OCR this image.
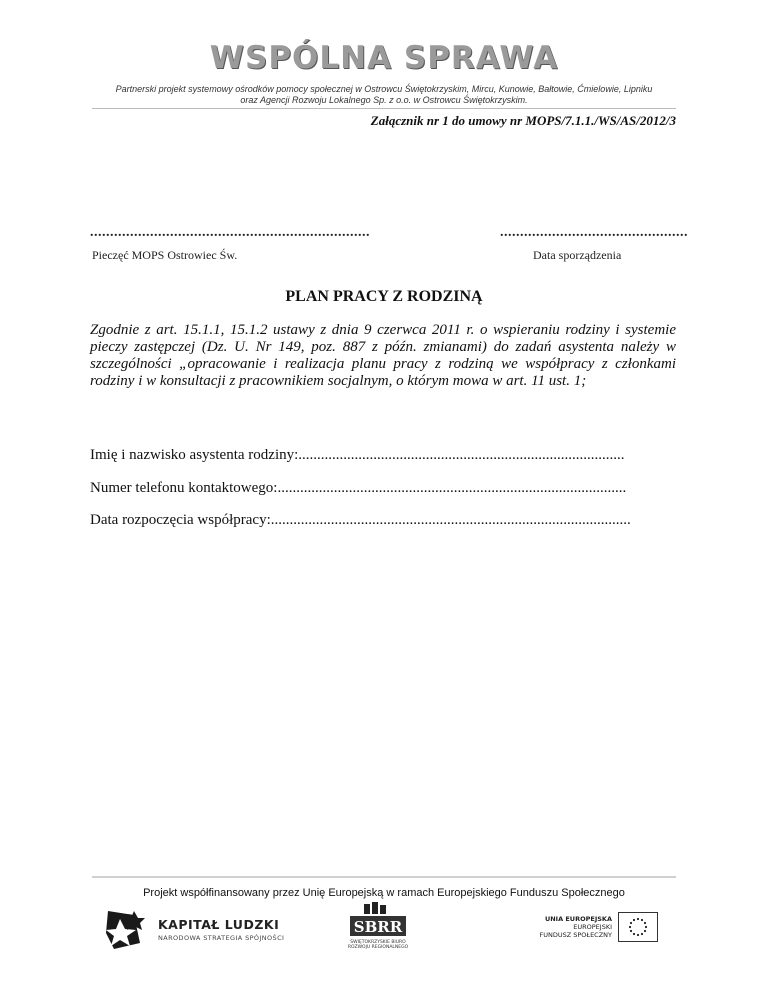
WSPÓLNA SPRAWA
Partnerski projekt systemowy ośrodków pomocy społecznej w Ostrowcu Świętokrzyskim, Mircu, Kunowie, Bałtowie, Ćmielowie, Lipniku
oraz Agencji Rozwoju Lokalnego Sp. z o.o. w Ostrowcu Świętokrzyskim.
Załącznik nr 1 do umowy nr MOPS/7.1.1./WS/AS/2012/3
......................................................................	...............................................
Pieczęć MOPS Ostrowiec Św.	Data sporządzenia
PLAN PRACY Z RODZINĄ
Zgodnie z art. 15.1.1, 15.1.2 ustawy z dnia 9 czerwca 2011 r. o wspieraniu rodziny i systemie pieczy zastępczej (Dz. U. Nr 149, poz. 887 z późn. zmianami) do zadań asystenta należy w szczególności „opracowanie i realizacja planu pracy z rodziną we współpracy z członkami rodziny i w konsultacji z pracownikiem socjalnym, o którym mowa w art. 11 ust. 1;
Imię i nazwisko asystenta rodziny:.......................................................................................
Numer telefonu kontaktowego:.............................................................................................
Data rozpoczęcia współpracy:................................................................................................
Projekt współfinansowany przez Unię Europejską w ramach Europejskiego Funduszu Społecznego
KAPITAŁ LUDZKI
NARODOWA STRATEGIA SPÓJNOŚCI
SBRR
ŚWIĘTOKRZYSKIE BIURO
ROZWOJU REGIONALNEGO
UNIA EUROPEJSKA
EUROPEJSKI
FUNDUSZ SPOŁECZNY
